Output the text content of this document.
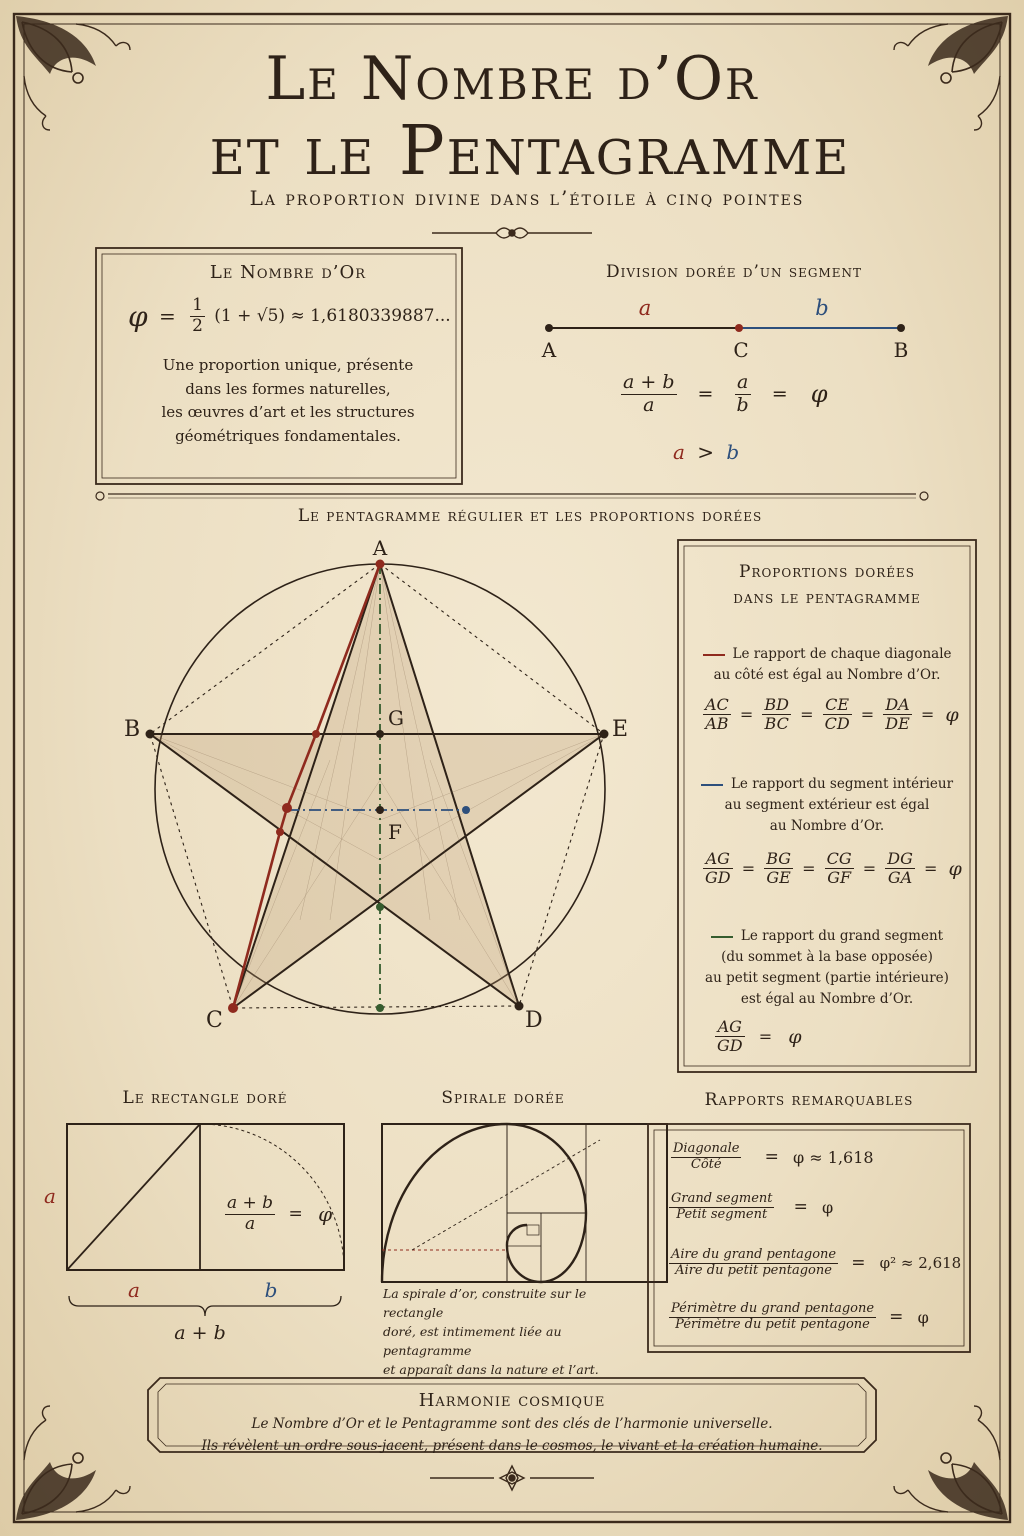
Le Nombre d’Or
et le Pentagramme
La proportion divine dans l’étoile à cinq pointes
Le Nombre d’Or
$\varphi = \frac{1}{2} (1 + √5) \approx 1,6180339887$...
Une proportion unique, présente
dans les formes naturelles,
les œuvres d’art et les structures
géométriques fondamentales.
Division dorée d’un segment
a	b
A	C	B
$\frac{a + b}{a} = \frac{a}{b} = \varphi$
a > b
Le pentagramme régulier et les proportions dorées
A
B	E
C	D
G
F
Proportions dorées
dans le pentagramme
Le rapport de chaque diagonale
au côté est égal au Nombre d’Or.
$\frac{AC}{AB} = \frac{BD}{BC} = \frac{CE}{CD} = \frac{DA}{DE} = \varphi$
Le rapport du segment intérieur
au segment extérieur est égal
au Nombre d’Or.
$\frac{AG}{GD} = \frac{BG}{GE} = \frac{CG}{GF} = \frac{DG}{GA} = \varphi$
Le rapport du grand segment
(du sommet à la base opposée)
au petit segment (partie intérieure)
est égal au Nombre d’Or.
$\frac{AG}{GD} = \varphi$
Le rectangle doré
a
a	b
a + b
$\frac{a + b}{a} = \varphi$
Spirale dorée
La spirale d’or, construite sur le rectangle
doré, est intimement liée au pentagramme
et apparaît dans la nature et l’art.
Rapports remarquables
$\frac{\text{Diagonale}}{\text{Côté}} = \varphi \approx 1,618$
$\frac{\text{Grand segment}}{\text{Petit segment}} = \varphi$
$\frac{\text{Aire du grand pentagone}}{\text{Aire du petit pentagone}} = \varphi^2 \approx 2,618$
$\frac{\text{Périmètre du grand pentagone}}{\text{Périmètre du petit pentagone}} = \varphi$
Harmonie cosmique
Le Nombre d’Or et le Pentagramme sont des clés de l’harmonie universelle.
Ils révèlent un ordre sous-jacent, présent dans le cosmos, le vivant et la création humaine.
